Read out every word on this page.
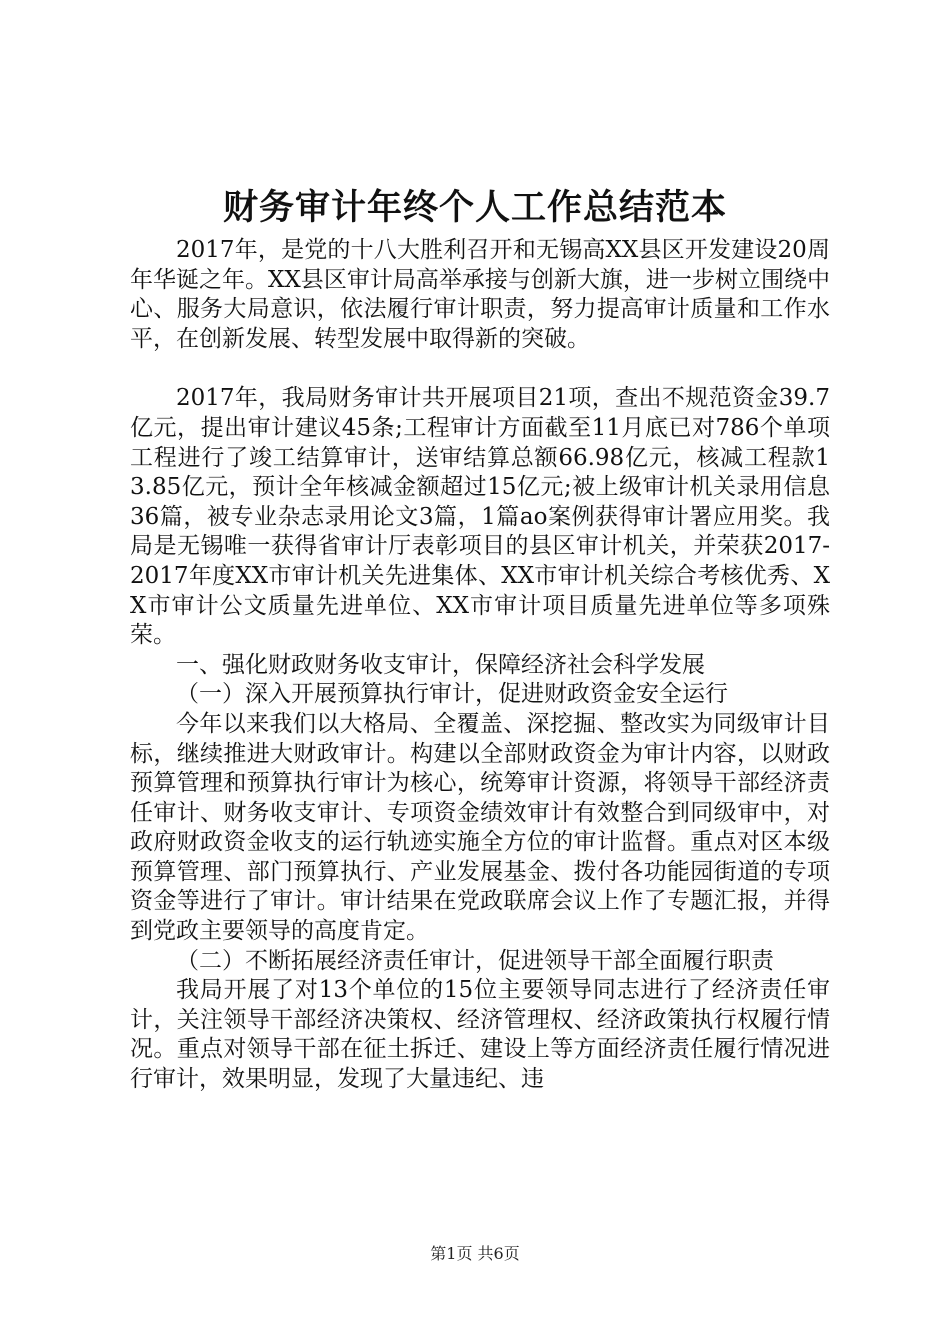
财务审计年终个人工作总结范本

2017年，是党的十八大胜利召开和无锡高XX县区开发建设20周年华诞之年。XX县区审计局高举承接与创新大旗，进一步树立围绕中心、服务大局意识，依法履行审计职责，努力提高审计质量和工作水平，在创新发展、转型发展中取得新的突破。

2017年，我局财务审计共开展项目21项，查出不规范资金39.7亿元，提出审计建议45条;工程审计方面截至11月底已对786个单项工程进行了竣工结算审计，送审结算总额66.98亿元，核减工程款13.85亿元，预计全年核减金额超过15亿元;被上级审计机关录用信息36篇，被专业杂志录用论文3篇，1篇ao案例获得审计署应用奖。我局是无锡唯一获得省审计厅表彰项目的县区审计机关，并荣获2017-2017年度XX市审计机关先进集体、XX市审计机关综合考核优秀、XX市审计公文质量先进单位、XX市审计项目质量先进单位等多项殊荣。

一、强化财政财务收支审计，保障经济社会科学发展

（一）深入开展预算执行审计，促进财政资金安全运行

今年以来我们以大格局、全覆盖、深挖掘、整改实为同级审计目标，继续推进大财政审计。构建以全部财政资金为审计内容，以财政预算管理和预算执行审计为核心，统筹审计资源，将领导干部经济责任审计、财务收支审计、专项资金绩效审计有效整合到同级审中，对政府财政资金收支的运行轨迹实施全方位的审计监督。重点对区本级预算管理、部门预算执行、产业发展基金、拨付各功能园街道的专项资金等进行了审计。审计结果在党政联席会议上作了专题汇报，并得到党政主要领导的高度肯定。

（二）不断拓展经济责任审计，促进领导干部全面履行职责

我局开展了对13个单位的15位主要领导同志进行了经济责任审计，关注领导干部经济决策权、经济管理权、经济政策执行权履行情况。重点对领导干部在征土拆迁、建设上等方面经济责任履行情况进行审计，效果明显，发现了大量违纪、违

第1页 共6页
